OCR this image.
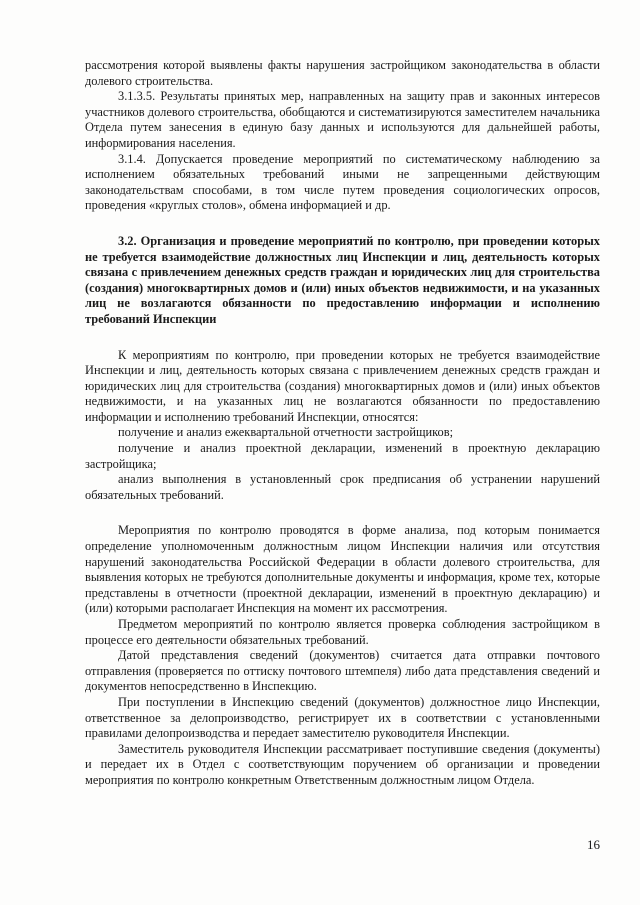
рассмотрения которой выявлены факты нарушения застройщиком законодательства в области долевого строительства.

3.1.3.5. Результаты принятых мер, направленных на защиту прав и законных интересов участников долевого строительства, обобщаются и систематизируются заместителем начальника Отдела путем занесения в единую базу данных и используются для дальнейшей работы, информирования населения.

3.1.4. Допускается проведение мероприятий по систематическому наблюдению за исполнением обязательных требований иными не запрещенными действующим законодательствам способами, в том числе путем проведения социологических опросов, проведения «круглых столов», обмена информацией и др.

3.2. Организация и проведение мероприятий по контролю, при проведении которых не требуется взаимодействие должностных лиц Инспекции и лиц, деятельность которых связана с привлечением денежных средств граждан и юридических лиц для строительства (создания) многоквартирных домов и (или) иных объектов недвижимости, и на указанных лиц не возлагаются обязанности по предоставлению информации и исполнению требований Инспекции

К мероприятиям по контролю, при проведении которых не требуется взаимодействие Инспекции и лиц, деятельность которых связана с привлечением денежных средств граждан и юридических лиц для строительства (создания) многоквартирных домов и (или) иных объектов недвижимости, и на указанных лиц не возлагаются обязанности по предоставлению информации и исполнению требований Инспекции, относятся:

получение и анализ ежеквартальной отчетности застройщиков;

получение и анализ проектной декларации, изменений в проектную декларацию застройщика;

анализ выполнения в установленный срок предписания об устранении нарушений обязательных требований.

Мероприятия по контролю проводятся в форме анализа, под которым понимается определение уполномоченным должностным лицом Инспекции наличия или отсутствия нарушений законодательства Российской Федерации в области долевого строительства, для выявления которых не требуются дополнительные документы и информация, кроме тех, которые представлены в отчетности (проектной декларации, изменений в проектную декларацию) и (или) которыми располагает Инспекция на момент их рассмотрения.

Предметом мероприятий по контролю является проверка соблюдения застройщиком в процессе его деятельности обязательных требований.

Датой представления сведений (документов) считается дата отправки почтового отправления (проверяется по оттиску почтового штемпеля) либо дата представления сведений и документов непосредственно в Инспекцию.

При поступлении в Инспекцию сведений (документов) должностное лицо Инспекции, ответственное за делопроизводство, регистрирует их в соответствии с установленными правилами делопроизводства и передает заместителю руководителя Инспекции.

Заместитель руководителя Инспекции рассматривает поступившие сведения (документы) и передает их в Отдел с соответствующим поручением об организации и проведении мероприятия по контролю конкретным Ответственным должностным лицом Отдела.

16
